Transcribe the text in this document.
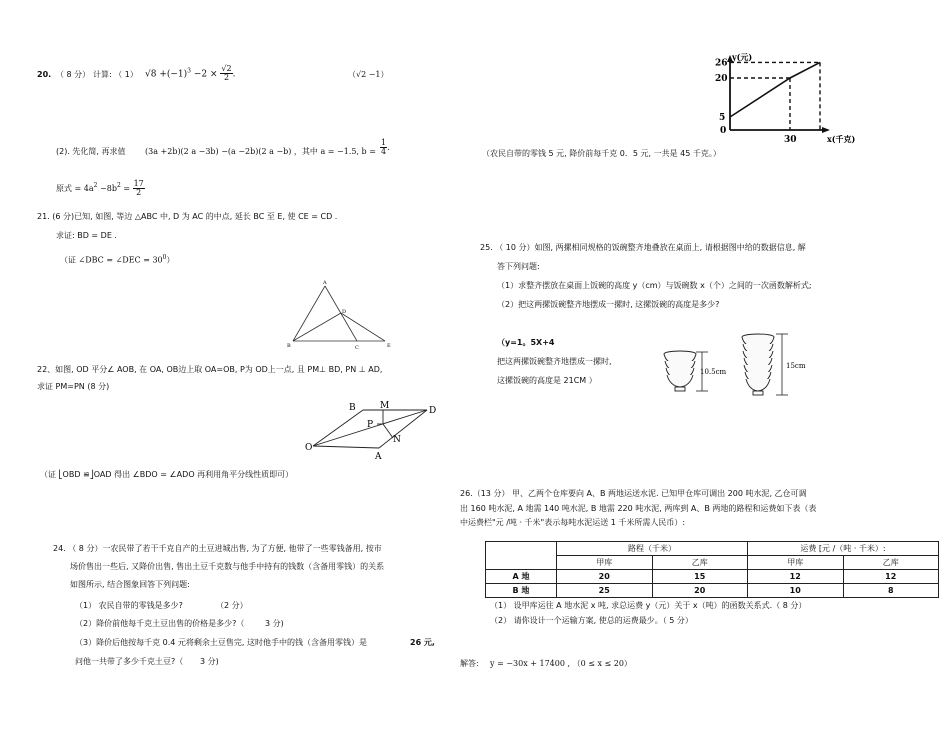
20. （ 8 分） 计算: （ 1） $√8 +(-1)^3 -2 \times \frac{√2}{2}$ .	（√2 −1）
(2). 先化简, 再求值 (3a +2b)(2 a −3b) −(a −2b)(2 a −b) ，其中 a = −1.5, $b = \frac{1}{4}$ .
原式 = $4a^2 -8b^2 = \frac{17}{2}$
21. (6 分)已知, 如图, 等边 △ABC 中, D 为 AC 的中点, 延长 BC 至 E, 使 CE = CD .
求证: BD = DE .
（证 ∠DBC = ∠DEC = $30^0$）
A
B	C
D
E
22、如图, OD 平分∠ AOB, 在 OA, OB边上取 OA=OB, P为 OD上一点, 且 PM⊥ BD, PN ⊥ AD,
求证 PM=PN (8 分)
B	M	D
P
N
O
A
（证 ⎣OBD ≌⎦OAD 得出 ∠BDO = ∠ADO 再利用角平分线性质即可）
24. （ 8 分）一农民带了若干千克自产的土豆进城出售, 为了方便, 他带了一些零钱备用, 按市
场价售出一些后, 又降价出售, 售出土豆千克数与他手中持有的钱数（含备用零钱）的关系
如图所示, 结合图象回答下列问题:
（1） 农民自带的零钱是多少?	（2 分）
（2）降价前他每千克土豆出售的价格是多少?（	3 分)
（3）降价后他按每千克 0.4 元将剩余土豆售完, 这时他手中的钱（含备用零钱）是	26 元,
问他一共带了多少千克土豆?（ 3 分)
y(元)
x(千克)
26
20
5
0
30
（农民自带的零钱 5 元, 降价前每千克 0．5 元, 一共是 45 千克。）
25. （ 10 分）如图, 两摞相同规格的饭碗整齐地叠放在桌面上, 请根据图中给的数据信息, 解
答下列问题:
（1）求整齐摆放在桌面上饭碗的高度 y（cm）与饭碗数 x（个）之间的一次函数解析式;
（2）把这两摞饭碗整齐地摆成一摞时, 这摞饭碗的高度是多少?
（y=1。5X+4
把这两摞饭碗整齐地摆成一摞时,
这摞饭碗的高度是 21CM ）
10.5cm
15cm
26.（13 分） 甲、乙两个仓库要向 A、B 两地运送水泥. 已知甲仓库可调出 200 吨水泥, 乙仓可调
出 160 吨水泥, A 地需 140 吨水泥, B 地需 220 吨水泥, 两库到 A、B 两地的路程和运费如下表（表
中运费栏"元 /吨 · 千米"表示每吨水泥运送 1 千米所需人民币）:
	路程（千米）		运费 [元 /（吨 · 千米）:	
	甲库	乙库	甲库	乙库
A 地	20	15	12	12
B 地	25	20	10	8
（1） 设甲库运往 A 地水泥 x 吨, 求总运费 y（元）关于 x（吨）的函数关系式.（ 8 分）
（2） 请你设计一个运输方案, 使总的运费最少。（ 5 分）
解答: y = −30x + 17400 , （0 ≤ x ≤ 20）
